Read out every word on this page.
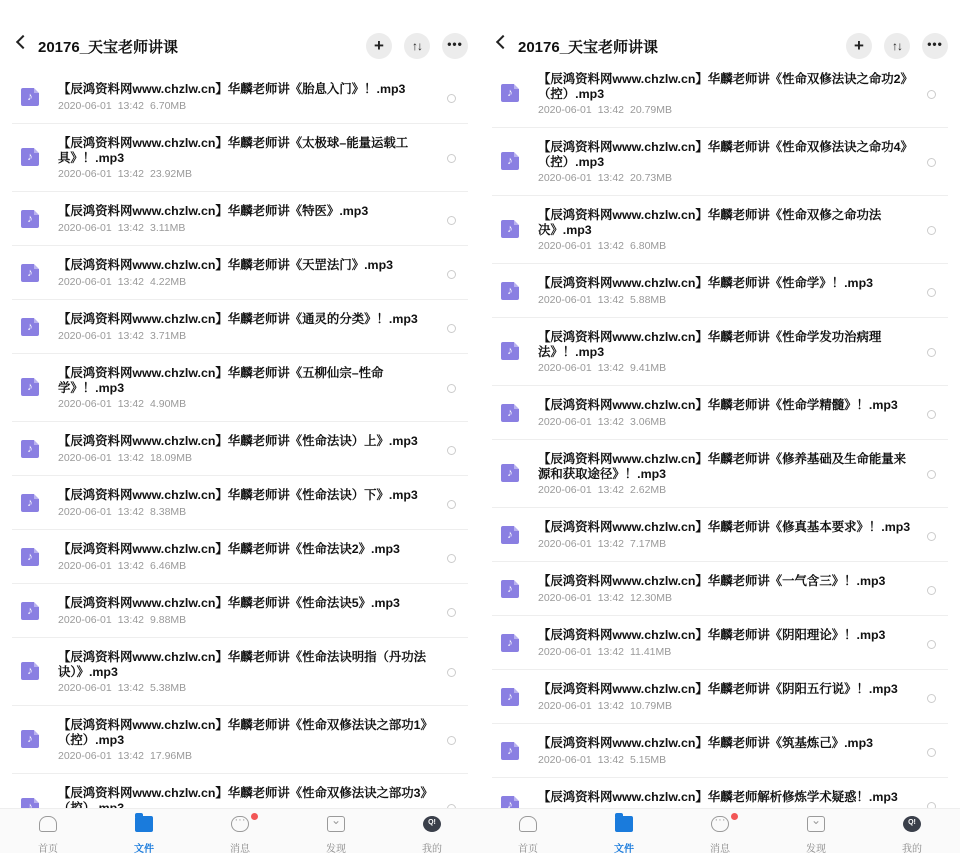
20176_天宝老师讲课	+	↑↓	•••
♪
【辰鸿资料网www.chzlw.cn】华麟老师讲《胎息入门》！.mp3
2020-06-01 13:42 6.70MB
♪
【辰鸿资料网www.chzlw.cn】华麟老师讲《太极球–能量运载工具》！.mp3
2020-06-01 13:42 23.92MB
♪
【辰鸿资料网www.chzlw.cn】华麟老师讲《特医》.mp3
2020-06-01 13:42 3.11MB
♪
【辰鸿资料网www.chzlw.cn】华麟老师讲《天罡法门》.mp3
2020-06-01 13:42 4.22MB
♪
【辰鸿资料网www.chzlw.cn】华麟老师讲《通灵的分类》！.mp3
2020-06-01 13:42 3.71MB
♪
【辰鸿资料网www.chzlw.cn】华麟老师讲《五柳仙宗–性命学》！.mp3
2020-06-01 13:42 4.90MB
♪
【辰鸿资料网www.chzlw.cn】华麟老师讲《性命法诀）上》.mp3
2020-06-01 13:42 18.09MB
♪
【辰鸿资料网www.chzlw.cn】华麟老师讲《性命法诀）下》.mp3
2020-06-01 13:42 8.38MB
♪
【辰鸿资料网www.chzlw.cn】华麟老师讲《性命法诀2》.mp3
2020-06-01 13:42 6.46MB
♪
【辰鸿资料网www.chzlw.cn】华麟老师讲《性命法诀5》.mp3
2020-06-01 13:42 9.88MB
♪
【辰鸿资料网www.chzlw.cn】华麟老师讲《性命法诀明指（丹功法诀）》.mp3
2020-06-01 13:42 5.38MB
♪
【辰鸿资料网www.chzlw.cn】华麟老师讲《性命双修法诀之部功1》（控）.mp3
2020-06-01 13:42 17.96MB
♪
【辰鸿资料网www.chzlw.cn】华麟老师讲《性命双修法诀之部功3》
首页	文件
···	消息
⌄	发现
Q!	我的
20176_天宝老师讲课	+	↑↓	•••
♪
【辰鸿资料网www.chzlw.cn】华麟老师讲《性命双修法诀之命功2》（控）.mp3
2020-06-01 13:42 20.79MB
♪
【辰鸿资料网www.chzlw.cn】华麟老师讲《性命双修法诀之命功4》（控）.mp3
2020-06-01 13:42 20.73MB
♪
【辰鸿资料网www.chzlw.cn】华麟老师讲《性命双修之命功法决》.mp3
2020-06-01 13:42 6.80MB
♪
【辰鸿资料网www.chzlw.cn】华麟老师讲《性命学》！.mp3
2020-06-01 13:42 5.88MB
♪
【辰鸿资料网www.chzlw.cn】华麟老师讲《性命学发功治病理法》！.mp3
2020-06-01 13:42 9.41MB
♪
【辰鸿资料网www.chzlw.cn】华麟老师讲《性命学精髓》！.mp3
2020-06-01 13:42 3.06MB
♪
【辰鸿资料网www.chzlw.cn】华麟老师讲《修养基础及生命能量来源和获取途径》！.mp3
2020-06-01 13:42 2.62MB
♪
【辰鸿资料网www.chzlw.cn】华麟老师讲《修真基本要求》！.mp3
2020-06-01 13:42 7.17MB
♪
【辰鸿资料网www.chzlw.cn】华麟老师讲《一气含三》！.mp3
2020-06-01 13:42 12.30MB
♪
【辰鸿资料网www.chzlw.cn】华麟老师讲《阴阳理论》！.mp3
2020-06-01 13:42 11.41MB
♪
【辰鸿资料网www.chzlw.cn】华麟老师讲《阴阳五行说》！.mp3
2020-06-01 13:42 10.79MB
♪
【辰鸿资料网www.chzlw.cn】华麟老师讲《筑基炼己》.mp3
2020-06-01 13:42 5.15MB
♪
【辰鸿资料网www.chzlw.cn】华麟老师解析修炼学术疑惑！.mp3
首页	文件
···	消息
⌄	发现
Q!	我的
